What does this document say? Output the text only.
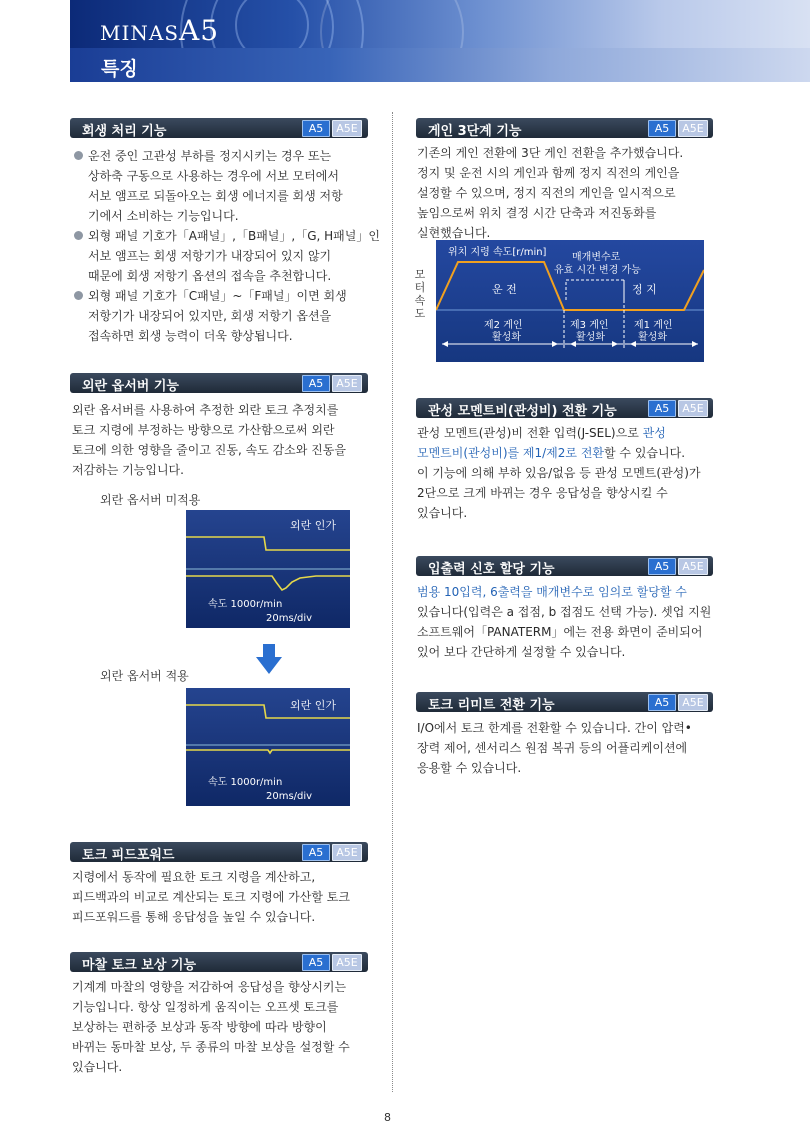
MINASA5
특징
회생 처리 기능	A5	A5E
운전 중인 고관성 부하를 정지시키는 경우 또는
상하축 구동으로 사용하는 경우에 서보 모터에서
서보 앰프로 되돌아오는 회생 에너지를 회생 저항
기에서 소비하는 기능입니다.
외형 패널 기호가「A패널」,「B패널」,「G, H패널」인
서보 앰프는 회생 저항기가 내장되어 있지 않기
때문에 회생 저항기 옵션의 접속을 추천합니다.
외형 패널 기호가「C패널」~「F패널」이면 회생
저항기가 내장되어 있지만, 회생 저항기 옵션을
접속하면 회생 능력이 더욱 향상됩니다.
외란 옵서버 기능	A5	A5E
외란 옵서버를 사용하여 추정한 외란 토크 추정치를
토크 지령에 부정하는 방향으로 가산함으로써 외란
토크에 의한 영향을 줄이고 진동, 속도 감소와 진동을
저감하는 기능입니다.
외란 옵서버 미적용
외란 인가
속도 1000r/min
20ms/div
외란 옵서버 적용
외란 인가
속도 1000r/min
20ms/div
토크 피드포워드	A5	A5E
지령에서 동작에 필요한 토크 지령을 계산하고,
피드백과의 비교로 계산되는 토크 지령에 가산할 토크
피드포워드를 통해 응답성을 높일 수 있습니다.
마찰 토크 보상 기능	A5	A5E
기계계 마찰의 영향을 저감하여 응답성을 향상시키는
기능입니다. 항상 일정하게 움직이는 오프셋 토크를
보상하는 편하중 보상과 동작 방향에 따라 방향이
바뀌는 동마찰 보상, 두 종류의 마찰 보상을 설정할 수
있습니다.
게인 3단계 기능	A5	A5E
기존의 게인 전환에 3단 게인 전환을 추가했습니다.
정지 및 운전 시의 게인과 함께 정지 직전의 게인을
설정할 수 있으며, 정지 직전의 게인을 일시적으로
높임으로써 위치 결정 시간 단축과 저진동화를
실현했습니다.
모
터
속
도
위치 지령 속도[r/min]	매개변수로
유효 시간 변경 가능
운 전	정 지
제2 게인
활성화
제3 게인
활성화
제1 게인
활성화
관성 모멘트비(관성비) 전환 기능	A5	A5E
관성 모멘트(관성)비 전환 입력(J-SEL)으로 관성
모멘트비(관성비)를 제1/제2로 전환할 수 있습니다.
이 기능에 의해 부하 있음/없음 등 관성 모멘트(관성)가
2단으로 크게 바뀌는 경우 응답성을 향상시킬 수
있습니다.
입출력 신호 할당 기능	A5	A5E
범용 10입력, 6출력을 매개변수로 임의로 할당할 수
있습니다(입력은 a 접점, b 접점도 선택 가능). 셋업 지원
소프트웨어「PANATERM」에는 전용 화면이 준비되어
있어 보다 간단하게 설정할 수 있습니다.
토크 리미트 전환 기능	A5	A5E
I/O에서 토크 한계를 전환할 수 있습니다. 간이 압력•
장력 제어, 센서리스 원점 복귀 등의 어플리케이션에
응용할 수 있습니다.
8
